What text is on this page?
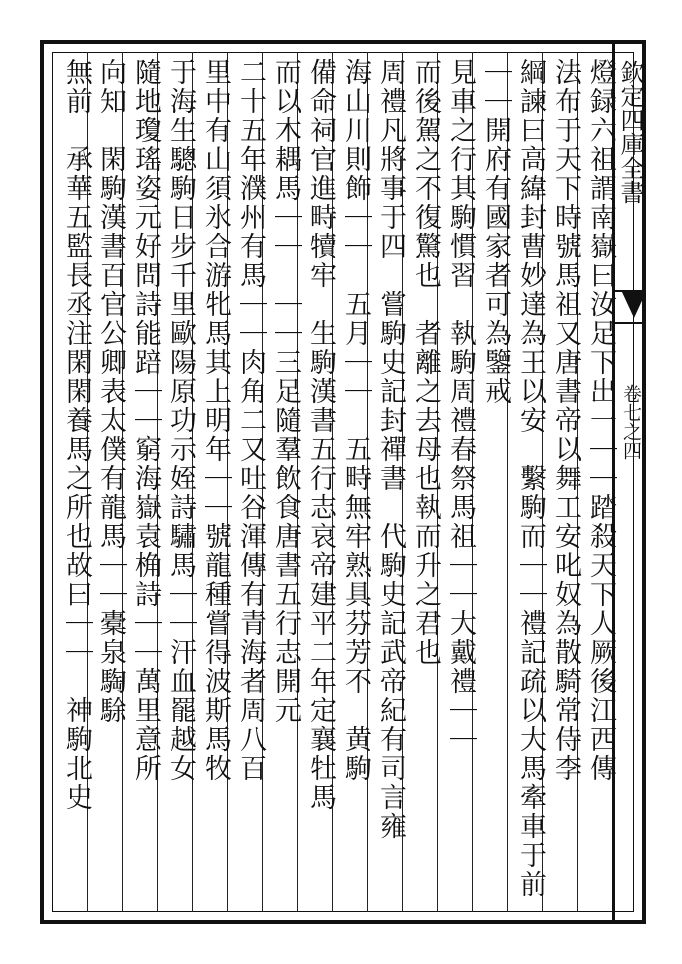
欽定四庫全書
卷七之四
燈録六祖謂南嶽曰汝足下出一｜｜踏殺天下人厥後江西傳
法布于天下時號馬祖又唐書帝以舞工安叱奴為散騎常侍李
綱諫曰高緯封曹妙達為王以安　繫駒而｜｜禮記疏以大馬牽車于前
｜｜開府有國家者可為鑒戒
見車之行其駒慣習　執駒周禮春祭馬祖｜｜大戴禮｜｜
而後駕之不復驚也　者離之去母也執而升之君也
周禮凡將事于四　嘗駒史記封禪書　代駒史記武帝紀有司言雍
海山川則飾｜｜　五月｜｜　五畤無牢熟具芬芳不　黄駒
備命祠官進畤犢牢　生駒漢書五行志哀帝建平二年定襄牡馬
而以木耦馬｜｜　｜｜三足隨羣飲食唐書五行志開元
二十五年濮州有馬｜｜肉角二又吐谷渾傳有青海者周八百
里中有山須氷合游牝馬其上明年｜｜號龍種嘗得波斯馬牧
于海生驄駒日步千里歐陽原功示姪詩驌馬｜｜汗血罷越女
隨地瓊瑤姿元好問詩能踣｜｜窮海嶽袁桷詩｜｜萬里意所
向知　閑駒漢書百官公卿表太僕有龍馬｜｜橐泉騊駼
無前　承華五監長丞注閑閑養馬之所也故曰｜｜　神駒北史
